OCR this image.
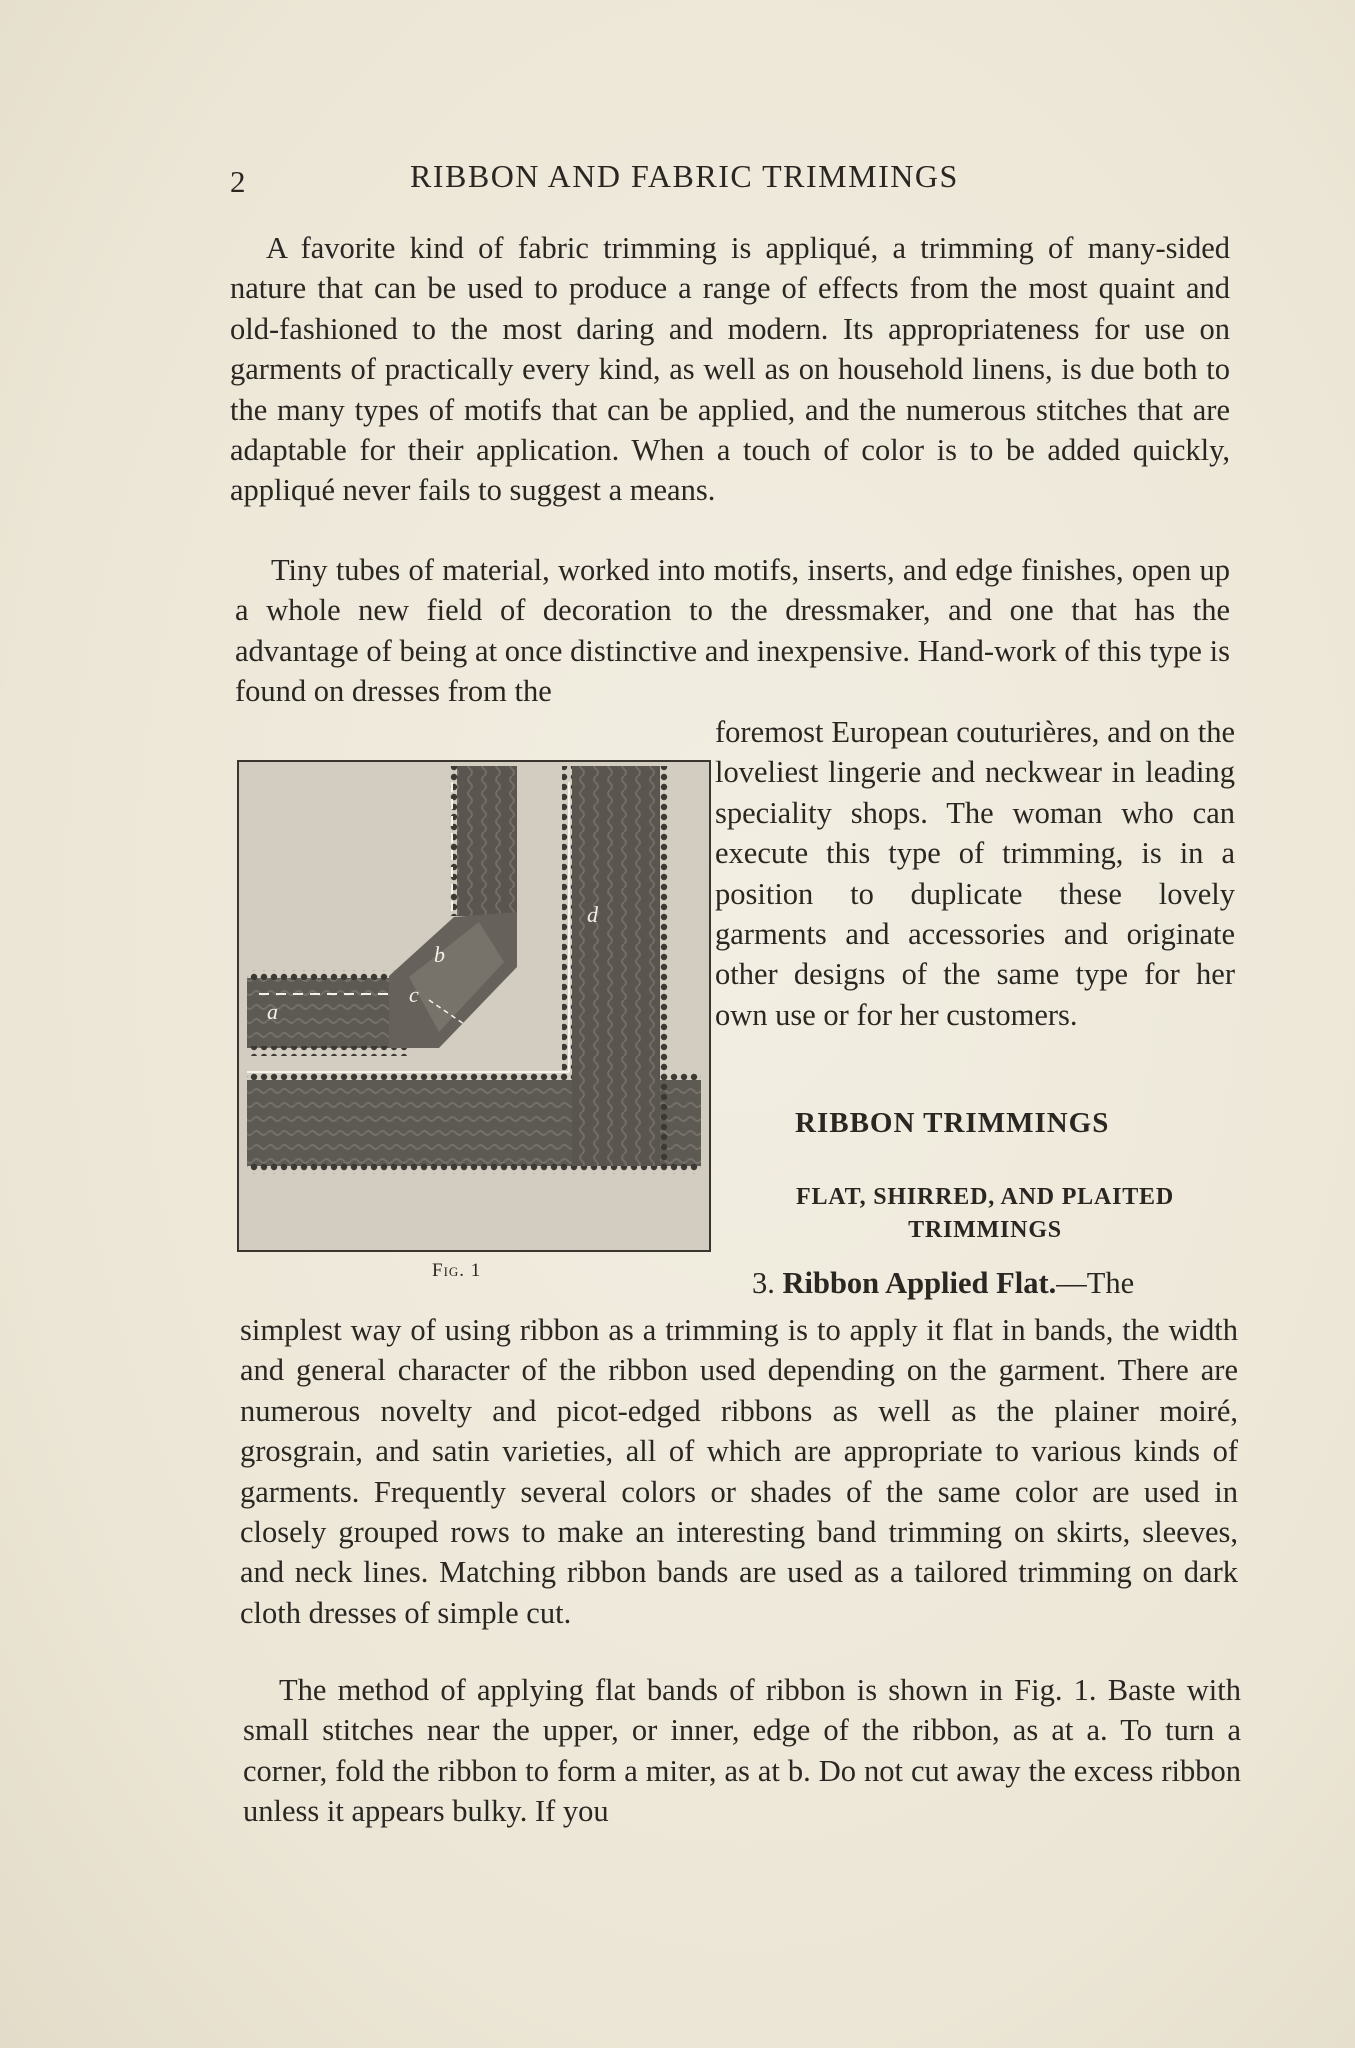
2	RIBBON AND FABRIC TRIMMINGS

A favorite kind of fabric trimming is appliqué, a trimming of many-sided nature that can be used to produce a range of effects from the most quaint and old-fashioned to the most daring and modern. Its appropriateness for use on garments of practically every kind, as well as on household linens, is due both to the many types of motifs that can be applied, and the numerous stitches that are adaptable for their application. When a touch of color is to be added quickly, appliqué never fails to suggest a means.

Tiny tubes of material, worked into motifs, inserts, and edge finishes, open up a whole new field of decoration to the dressmaker, and one that has the advantage of being at once distinctive and inexpensive. Hand-work of this type is found on dresses from the

foremost European couturières, and on the loveliest lingerie and neckwear in leading speciality shops. The woman who can execute this type of trimming, is in a position to duplicate these lovely garments and accessories and originate other designs of the same type for her own use or for her customers.

a
b
c
d
Fig. 1
RIBBON TRIMMINGS
FLAT, SHIRRED, AND PLAITED TRIMMINGS
3. Ribbon Applied Flat.—The

simplest way of using ribbon as a trimming is to apply it flat in bands, the width and general character of the ribbon used depending on the garment. There are numerous novelty and picot-edged ribbons as well as the plainer moiré, grosgrain, and satin varieties, all of which are appropriate to various kinds of garments. Frequently several colors or shades of the same color are used in closely grouped rows to make an interesting band trimming on skirts, sleeves, and neck lines. Matching ribbon bands are used as a tailored trimming on dark cloth dresses of simple cut.

The method of applying flat bands of ribbon is shown in Fig. 1. Baste with small stitches near the upper, or inner, edge of the ribbon, as at a. To turn a corner, fold the ribbon to form a miter, as at b. Do not cut away the excess ribbon unless it appears bulky. If you
